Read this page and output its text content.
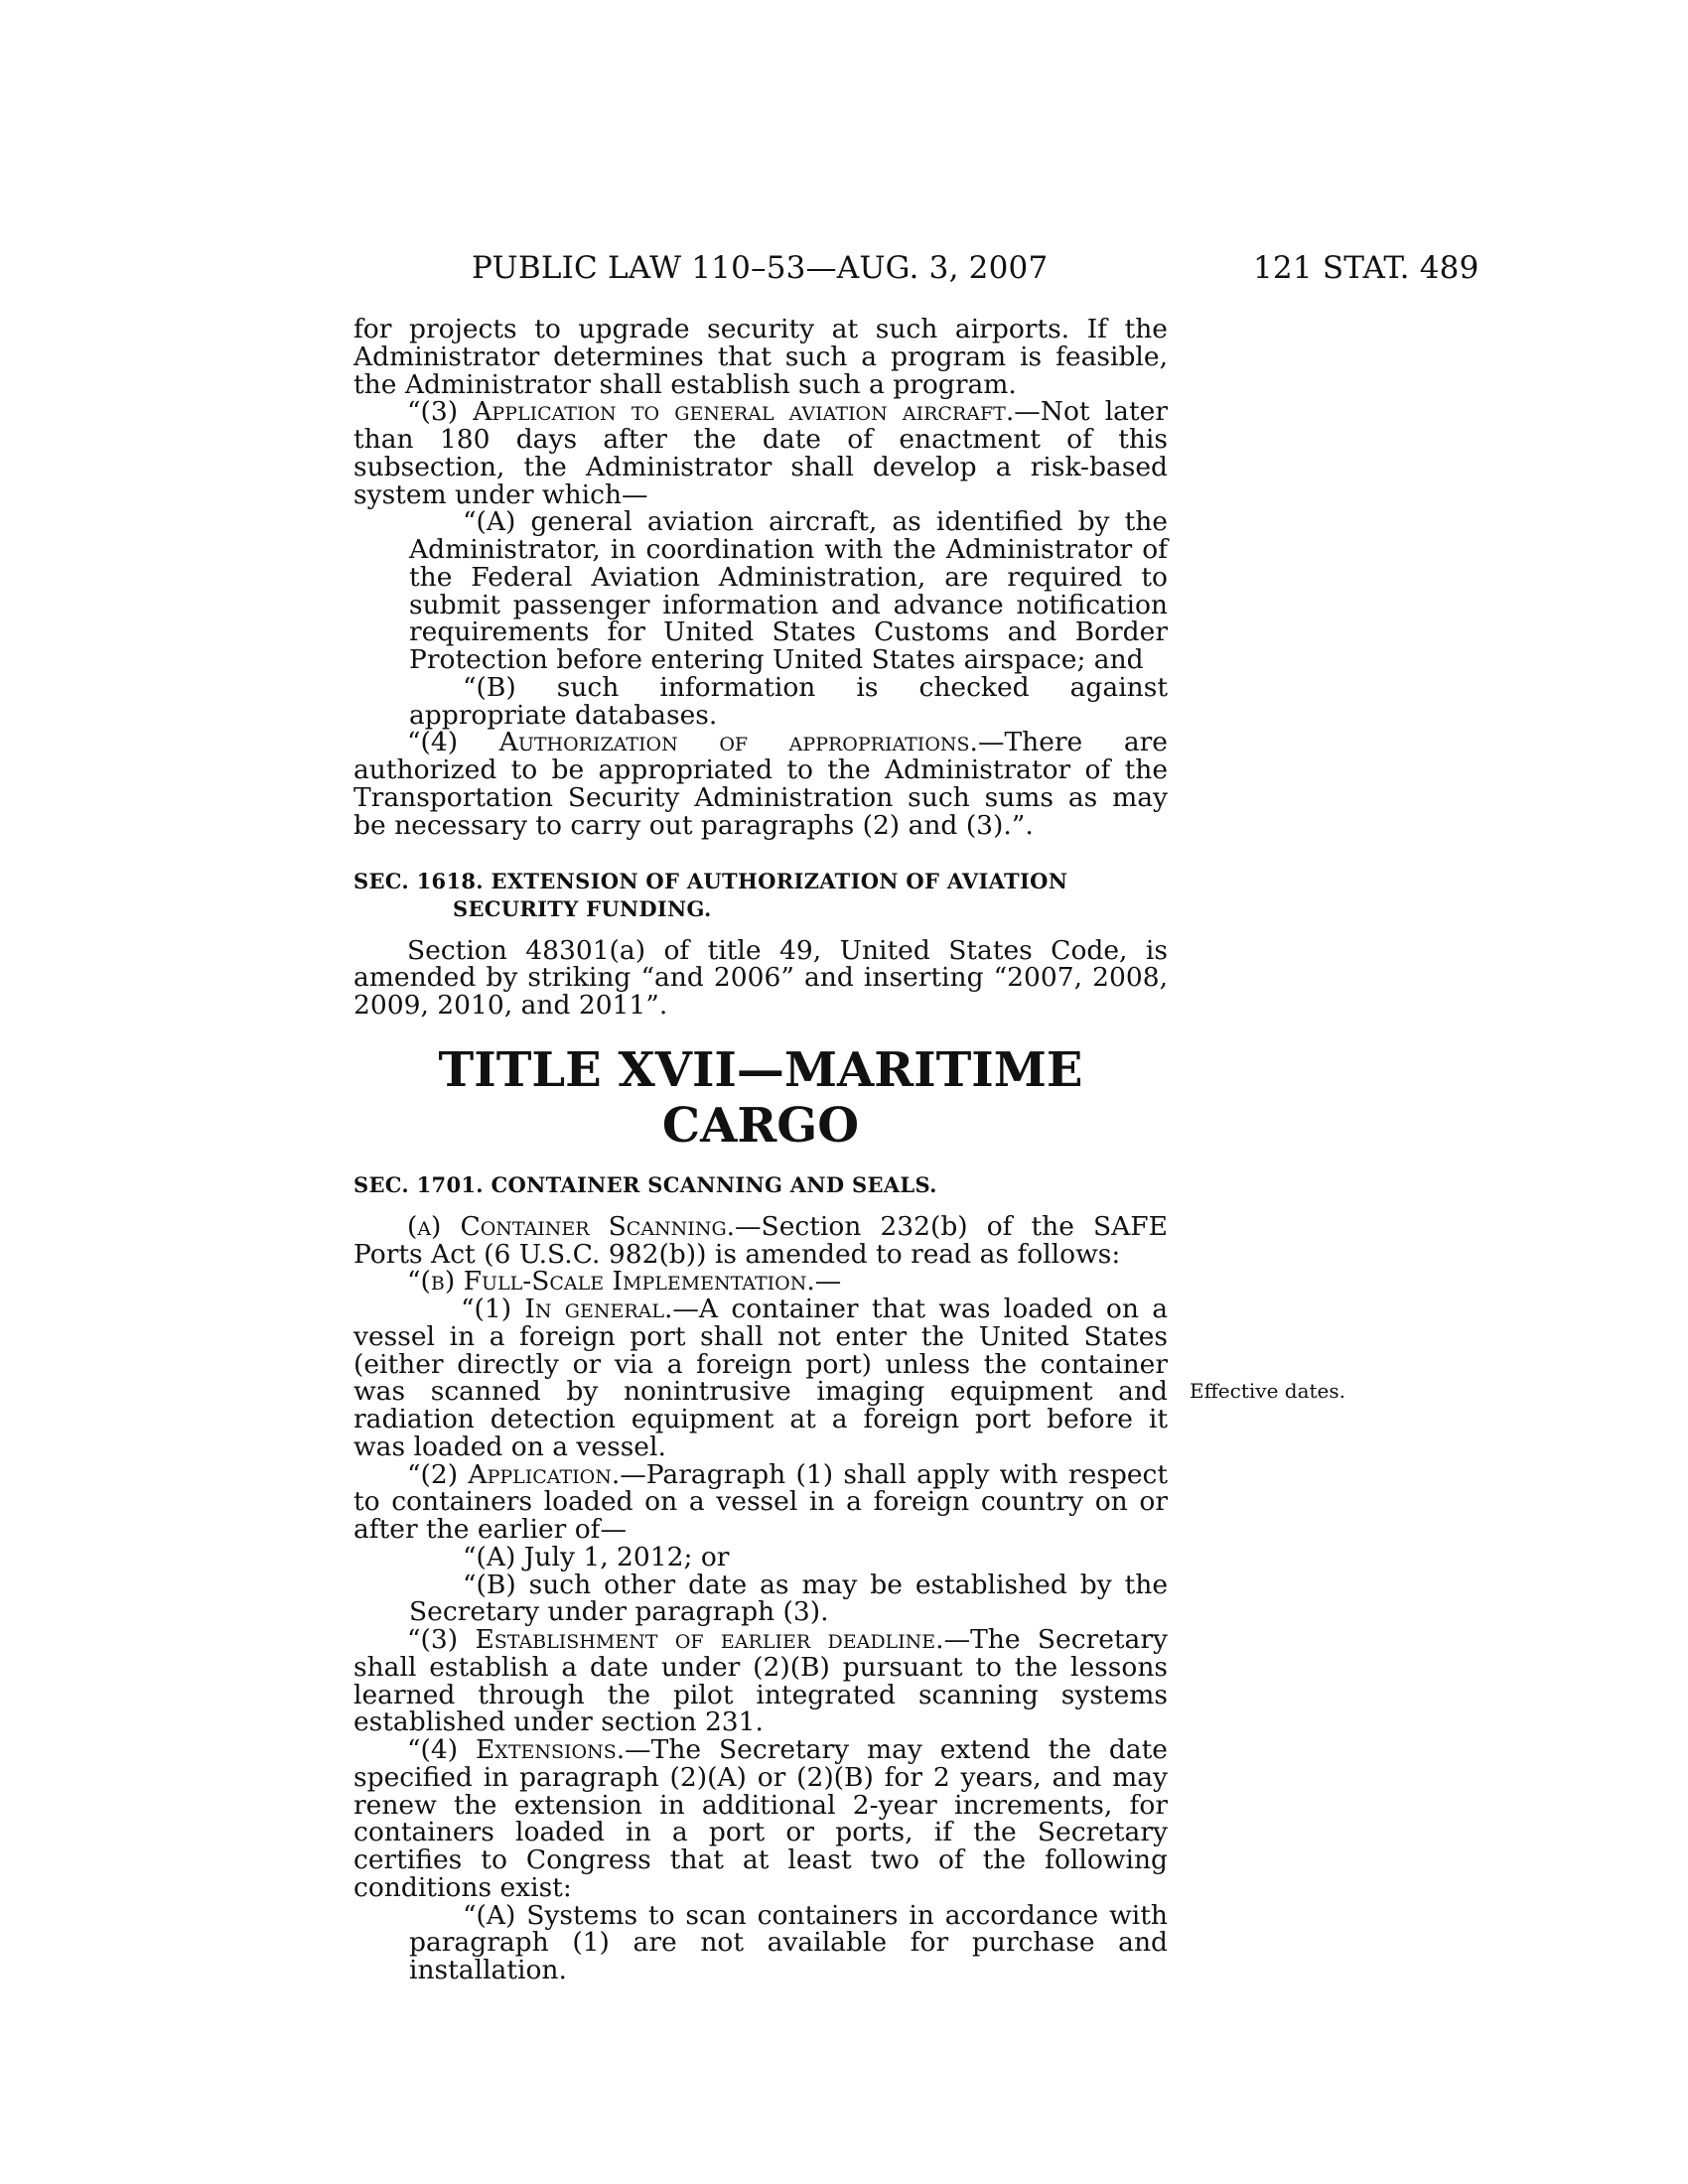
PUBLIC LAW 110–53—AUG. 3, 2007	121 STAT. 489

for projects to upgrade security at such airports. If the Administrator determines that such a program is feasible, the Administrator shall establish such a program.

“(3) Application to general aviation aircraft.—Not later than 180 days after the date of enactment of this subsection, the Administrator shall develop a risk-based system under which—

“(A) general aviation aircraft, as identified by the Administrator, in coordination with the Administrator of the Federal Aviation Administration, are required to submit passenger information and advance notification requirements for United States Customs and Border Protection before entering United States airspace; and

“(B) such information is checked against appropriate databases.

“(4) Authorization of appropriations.—There are authorized to be appropriated to the Administrator of the Transportation Security Administration such sums as may be necessary to carry out paragraphs (2) and (3).”.

SEC. 1618. EXTENSION OF AUTHORIZATION OF AVIATION SECURITY FUNDING.

Section 48301(a) of title 49, United States Code, is amended by striking “and 2006” and inserting “2007, 2008, 2009, 2010, and 2011”.

TITLE XVII—MARITIME CARGO

SEC. 1701. CONTAINER SCANNING AND SEALS.

(a) Container Scanning.—Section 232(b) of the SAFE Ports Act (6 U.S.C. 982(b)) is amended to read as follows:

“(b) Full-Scale Implementation.—

“(1) In general.—A container that was loaded on a vessel in a foreign port shall not enter the United States (either directly or via a foreign port) unless the container was scanned by nonintrusive imaging equipment and radiation detection equipment at a foreign port before it was loaded on a vessel.

“(2) Application.—Paragraph (1) shall apply with respect to containers loaded on a vessel in a foreign country on or after the earlier of—

“(A) July 1, 2012; or

“(B) such other date as may be established by the Secretary under paragraph (3).

“(3) Establishment of earlier deadline.—The Secretary shall establish a date under (2)(B) pursuant to the lessons learned through the pilot integrated scanning systems established under section 231.

“(4) Extensions.—The Secretary may extend the date specified in paragraph (2)(A) or (2)(B) for 2 years, and may renew the extension in additional 2-year increments, for containers loaded in a port or ports, if the Secretary certifies to Congress that at least two of the following conditions exist:

“(A) Systems to scan containers in accordance with paragraph (1) are not available for purchase and installation.

Effective dates.
